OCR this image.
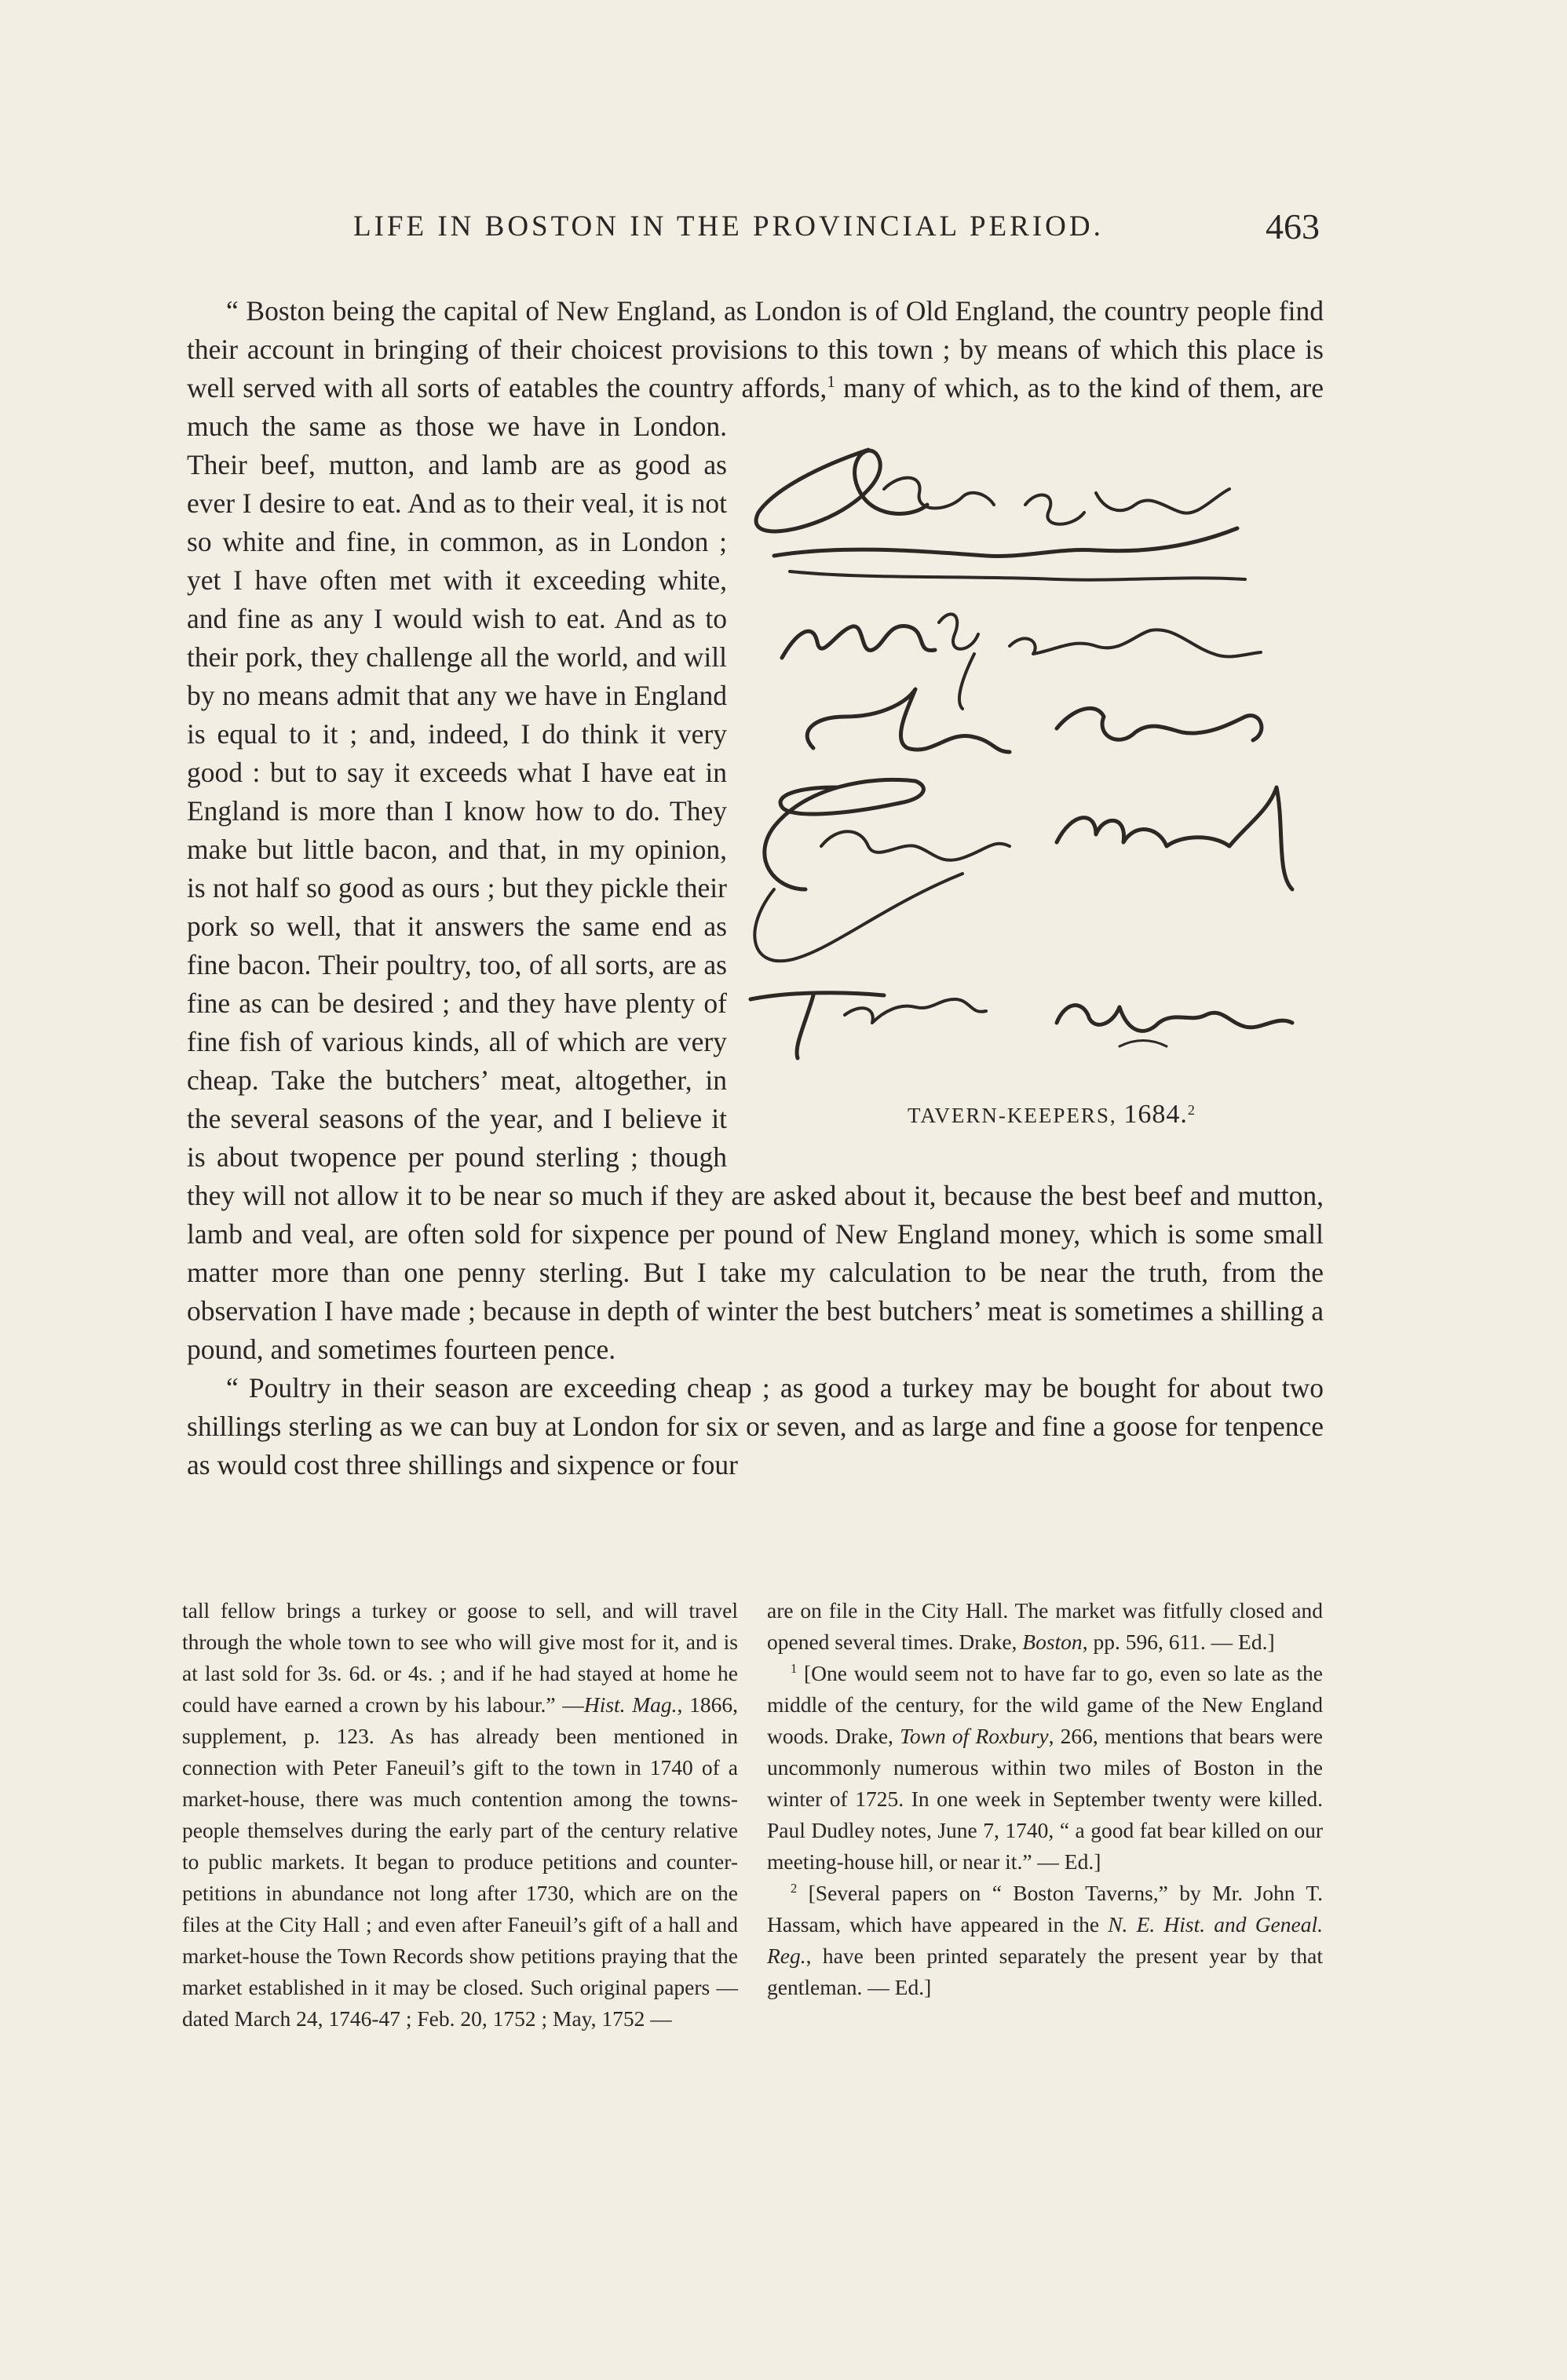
LIFE IN BOSTON IN THE PROVINCIAL PERIOD.	463

“ Boston being the capital of New England, as London is of Old England, the country people find their account in bringing of their choicest provisions to this town ; by means of which this place is well served with all sorts of eatables the country affords,$^1$
TAVERN-KEEPERS, 1684.$^2$
many of which, as to the kind of them, are much the same as those we have in London. Their beef, mutton, and lamb are as good as ever I desire to eat. And as to their veal, it is not so white and fine, in common, as in London ; yet I have often met with it exceeding white, and fine as any I would wish to eat. And as to their pork, they challenge all the world, and will by no means admit that any we have in England is equal to it ; and, indeed, I do think it very good : but to say it exceeds what I have eat in England is more than I know how to do. They make but little bacon, and that, in my opinion, is not half so good as ours ; but they pickle their pork so well, that it answers the same end as fine bacon. Their poultry, too, of all sorts, are as fine as can be desired ; and they have plenty of fine fish of various kinds, all of which are very cheap. Take the butchers’ meat, altogether, in the several seasons of the year, and I believe it is about twopence per pound sterling ; though they will not allow it to be near so much if they are asked about it, because the best beef and mutton, lamb and veal, are often sold for sixpence per pound of New England money, which is some small matter more than one penny sterling. But I take my calculation to be near the truth, from the observation I have made ; because in depth of winter the best butchers’ meat is sometimes a shilling a pound, and sometimes fourteen pence.

“ Poultry in their season are exceeding cheap ; as good a turkey may be bought for about two shillings sterling as we can buy at London for six or seven, and as large and fine a goose for tenpence as would cost three shillings and sixpence or four

tall fellow brings a turkey or goose to sell, and will travel through the whole town to see who will give most for it, and is at last sold for 3s. 6d. or 4s. ; and if he had stayed at home he could have earned a crown by his labour.” —Hist. Mag., 1866, supplement, p. 123. As has already been mentioned in connection with Peter Faneuil’s gift to the town in 1740 of a market-house, there was much contention among the towns-people themselves during the early part of the century relative to public markets. It began to produce petitions and counter-petitions in abundance not long after 1730, which are on the files at the City Hall ; and even after Faneuil’s gift of a hall and market-house the Town Records show petitions praying that the market established in it may be closed. Such original papers — dated March 24, 1746-47 ; Feb. 20, 1752 ; May, 1752 —

are on file in the City Hall. The market was fitfully closed and opened several times. Drake, Boston, pp. 596, 611. — Ed.]

$^1$ [One would seem not to have far to go, even so late as the middle of the century, for the wild game of the New England woods. Drake, Town of Roxbury, 266, mentions that bears were uncommonly numerous within two miles of Boston in the winter of 1725. In one week in September twenty were killed. Paul Dudley notes, June 7, 1740, “ a good fat bear killed on our meeting-house hill, or near it.” — Ed.]

$^2$ [Several papers on “ Boston Taverns,” by Mr. John T. Hassam, which have appeared in the N. E. Hist. and Geneal. Reg., have been printed separately the present year by that gentleman. — Ed.]
